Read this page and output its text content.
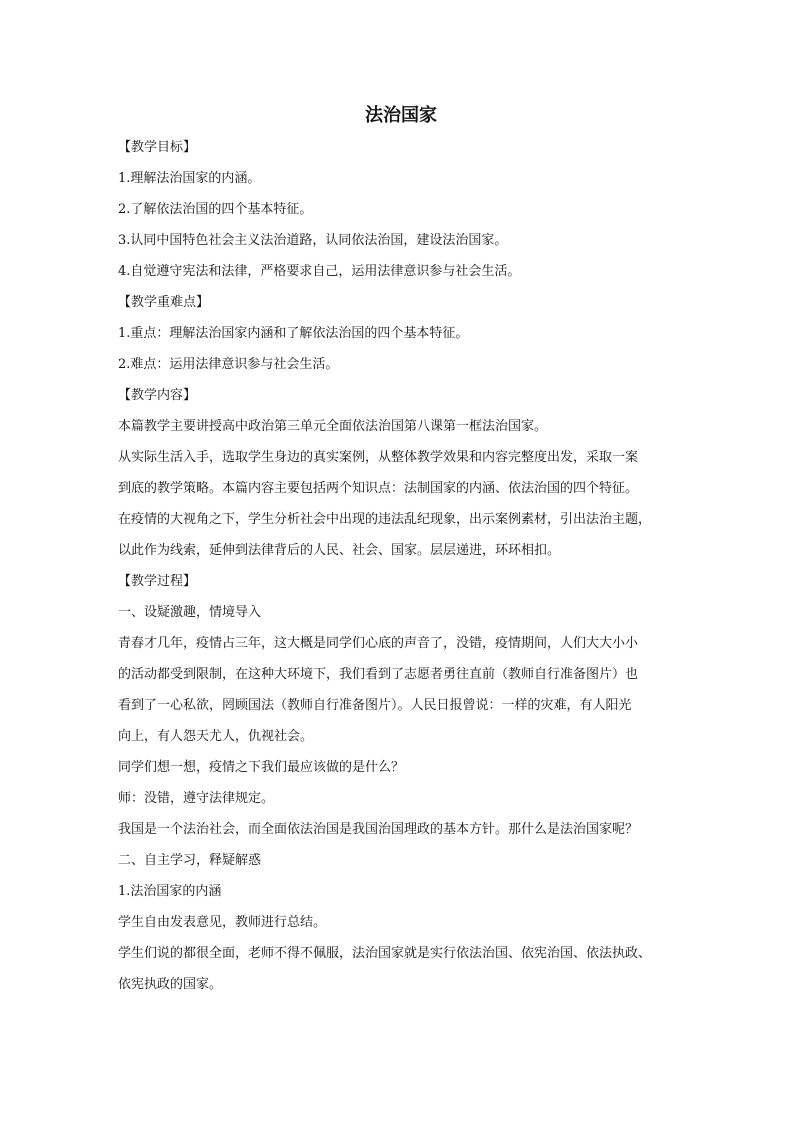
法治国家

【教学目标】

1.理解法治国家的内涵。

2.了解依法治国的四个基本特征。

3.认同中国特色社会主义法治道路，认同依法治国，建设法治国家。

4.自觉遵守宪法和法律，严格要求自己，运用法律意识参与社会生活。

【教学重难点】

1.重点：理解法治国家内涵和了解依法治国的四个基本特征。

2.难点：运用法律意识参与社会生活。

【教学内容】

本篇教学主要讲授高中政治第三单元全面依法治国第八课第一框法治国家。

从实际生活入手，选取学生身边的真实案例，从整体教学效果和内容完整度出发，采取一案

到底的教学策略。本篇内容主要包括两个知识点：法制国家的内涵、依法治国的四个特征。

在疫情的大视角之下，学生分析社会中出现的违法乱纪现象，出示案例素材，引出法治主题，

以此作为线索，延伸到法律背后的人民、社会、国家。层层递进，环环相扣。

【教学过程】

一、设疑激趣，情境导入

青春才几年，疫情占三年，这大概是同学们心底的声音了，没错，疫情期间，人们大大小小

的活动都受到限制，在这种大环境下，我们看到了志愿者勇往直前（教师自行准备图片）也

看到了一心私欲，罔顾国法（教师自行准备图片）。人民日报曾说：一样的灾难，有人阳光

向上，有人怨天尤人，仇视社会。

同学们想一想，疫情之下我们最应该做的是什么？

师：没错，遵守法律规定。

我国是一个法治社会，而全面依法治国是我国治国理政的基本方针。那什么是法治国家呢？

二、自主学习，释疑解惑

1.法治国家的内涵

学生自由发表意见，教师进行总结。

学生们说的都很全面，老师不得不佩服，法治国家就是实行依法治国、依宪治国、依法执政、

依宪执政的国家。
